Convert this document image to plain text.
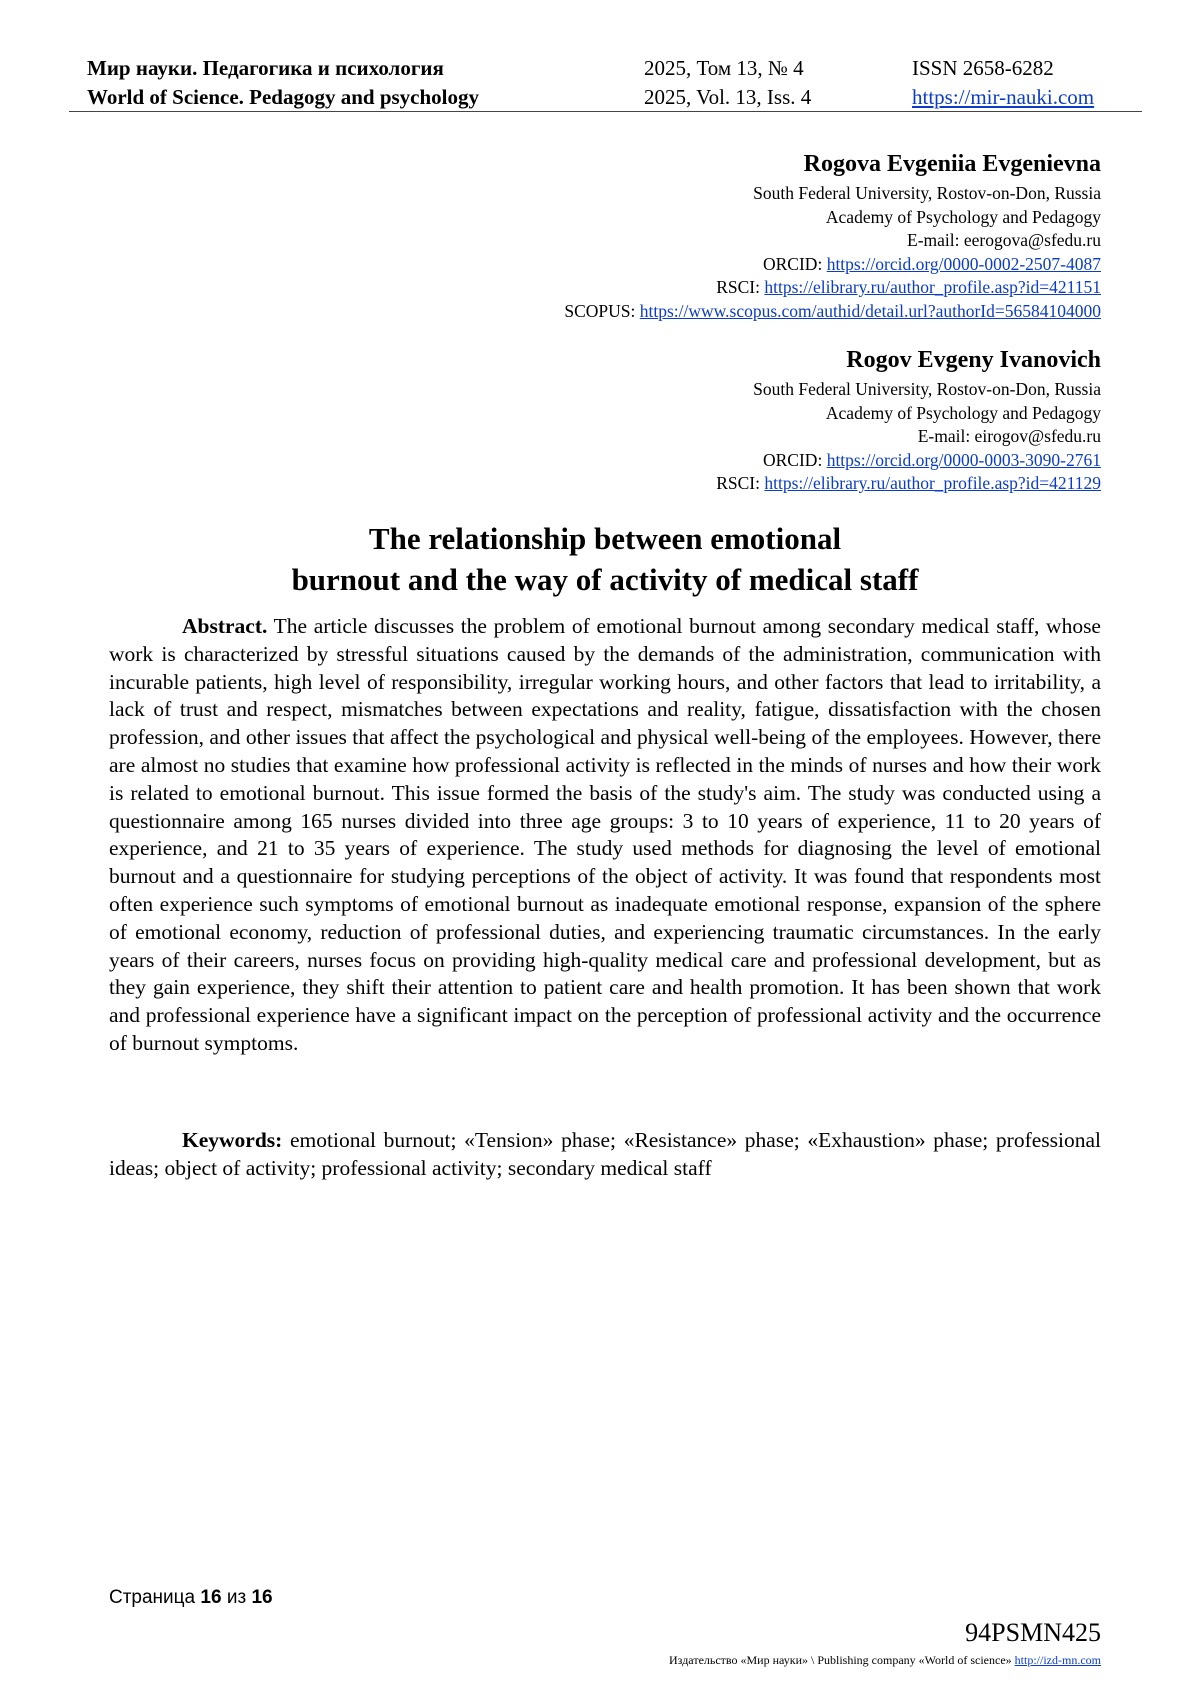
Мир науки. Педагогика и психология	2025, Том 13, № 4	ISSN 2658-6282
World of Science. Pedagogy and psychology	2025, Vol. 13, Iss. 4	https://mir-nauki.com
Rogova Evgeniia Evgenievna
South Federal University, Rostov-on-Don, Russia
Academy of Psychology and Pedagogy
E-mail: eerogova@sfedu.ru
ORCID: https://orcid.org/0000-0002-2507-4087
RSCI: https://elibrary.ru/author_profile.asp?id=421151
SCOPUS: https://www.scopus.com/authid/detail.url?authorId=56584104000
Rogov Evgeny Ivanovich
South Federal University, Rostov-on-Don, Russia
Academy of Psychology and Pedagogy
E-mail: eirogov@sfedu.ru
ORCID: https://orcid.org/0000-0003-3090-2761
RSCI: https://elibrary.ru/author_profile.asp?id=421129
The relationship between emotional
burnout and the way of activity of medical staff

Abstract. The article discusses the problem of emotional burnout among secondary medical staff, whose work is characterized by stressful situations caused by the demands of the administration, communication with incurable patients, high level of responsibility, irregular working hours, and other factors that lead to irritability, a lack of trust and respect, mismatches between expectations and reality, fatigue, dissatisfaction with the chosen profession, and other issues that affect the psychological and physical well-being of the employees. However, there are almost no studies that examine how professional activity is reflected in the minds of nurses and how their work is related to emotional burnout. This issue formed the basis of the study's aim. The study was conducted using a questionnaire among 165 nurses divided into three age groups: 3 to 10 years of experience, 11 to 20 years of experience, and 21 to 35 years of experience. The study used methods for diagnosing the level of emotional burnout and a questionnaire for studying perceptions of the object of activity. It was found that respondents most often experience such symptoms of emotional burnout as inadequate emotional response, expansion of the sphere of emotional economy, reduction of professional duties, and experiencing traumatic circumstances. In the early years of their careers, nurses focus on providing high-quality medical care and professional development, but as they gain experience, they shift their attention to patient care and health promotion. It has been shown that work and professional experience have a significant impact on the perception of professional activity and the occurrence of burnout symptoms.

Keywords: emotional burnout; «Tension» phase; «Resistance» phase; «Exhaustion» phase; professional ideas; object of activity; professional activity; secondary medical staff

Страница 16 из 16
94PSMN425
Издательство «Мир науки» \ Publishing company «World of science» http://izd-mn.com
